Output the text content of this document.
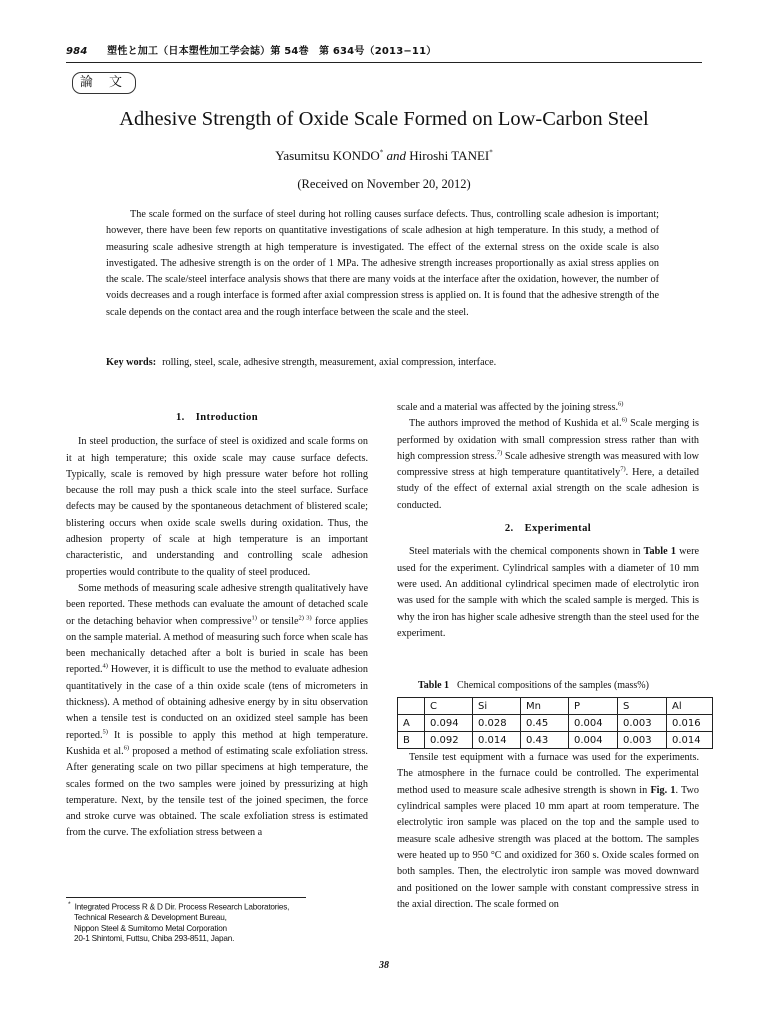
984 塑性と加工（日本塑性加工学会誌）第 54巻　第 634号（2013−11）
論 文
Adhesive Strength of Oxide Scale Formed on Low-Carbon Steel
Yasumitsu KONDO* and Hiroshi TANEI*
(Received on November 20, 2012)
The scale formed on the surface of steel during hot rolling causes surface defects. Thus, controlling scale adhesion is important; however, there have been few reports on quantitative investigations of scale adhesion at high temperature. In this study, a method of measuring scale adhesive strength at high temperature is investigated. The effect of the external stress on the oxide scale is also investigated. The adhesive strength is on the order of 1 MPa. The adhesive strength increases proportionally as axial stress applies on the scale. The scale/steel interface analysis shows that there are many voids at the interface after the oxidation, however, the number of voids decreases and a rough interface is formed after axial compression stress is applied on. It is found that the adhesive strength of the scale depends on the contact area and the rough interface between the scale and the steel.
Key words: rolling, steel, scale, adhesive strength, measurement, axial compression, interface.
1.　Introduction

In steel production, the surface of steel is oxidized and scale forms on it at high temperature; this oxide scale may cause surface defects. Typically, scale is removed by high pressure water before hot rolling because the roll may push a thick scale into the steel surface. Surface defects may be caused by the spontaneous detachment of blistered scale; blistering occurs when oxide scale swells during oxidation. Thus, the adhesion property of scale at high temperature is an important characteristic, and understanding and controlling scale adhesion properties would contribute to the quality of steel produced.

Some methods of measuring scale adhesive strength qualitatively have been reported. These methods can evaluate the amount of detached scale or the detaching behavior when compressive$^{1)}$ or tensile$^{2) 3)}$ force applies on the sample material. A method of measuring such force when scale has been mechanically detached after a bolt is buried in scale has been reported.$^{4)}$ However, it is difficult to use the method to evaluate adhesion quantitatively in the case of a thin oxide scale (tens of micrometers in thickness). A method of obtaining adhesive energy by in situ observation when a tensile test is conducted on an oxidized steel sample has been reported.$^{5)}$ It is possible to apply this method at high temperature. Kushida et al.$^{6)}$ proposed a method of estimating scale exfoliation stress. After generating scale on two pillar specimens at high temperature, the scales formed on the two samples were joined by pressurizing at high temperature. Next, by the tensile test of the joined specimen, the force and stroke curve was obtained. The scale exfoliation stress is estimated from the curve. The exfoliation stress between a

scale and a material was affected by the joining stress.$^{6)}$

The authors improved the method of Kushida et al.$^{6)}$ Scale merging is performed by oxidation with small compression stress rather than with high compression stress.$^{7)}$ Scale adhesive strength was measured with low compressive stress at high temperature quantitatively$^{7)}$. Here, a detailed study of the effect of external axial strength on the scale adhesion is conducted.

2.　Experimental

Steel materials with the chemical components shown in Table 1 were used for the experiment. Cylindrical samples with a diameter of 10 mm were used. An additional cylindrical specimen made of electrolytic iron was used for the sample with which the scaled sample is merged. This is why the iron has higher scale adhesive strength than the steel used for the experiment.

Tensile test equipment with a furnace was used for the experiments. The atmosphere in the furnace could be controlled. The experimental method used to measure scale adhesive strength is shown in Fig. 1. Two cylindrical samples were placed 10 mm apart at room temperature. The electrolytic iron sample was placed on the top and the sample used to measure scale adhesive strength was placed at the bottom. The samples were heated up to 950 °C and oxidized for 360 s. Oxide scales formed on both samples. Then, the electrolytic iron sample was moved downward and positioned on the lower sample with constant compressive stress in the axial direction. The scale formed on

Table 1 Chemical compositions of the samples (mass%)
	C	Si	Mn	P	S	Al
A	0.094	0.028	0.45	0.004	0.003	0.016
B	0.092	0.014	0.43	0.004	0.003	0.014
* Integrated Process R & D Dir. Process Research Laboratories,
Technical Research & Development Bureau,
Nippon Steel & Sumitomo Metal Corporation
20-1 Shintomi, Futtsu, Chiba 293-8511, Japan.
38
